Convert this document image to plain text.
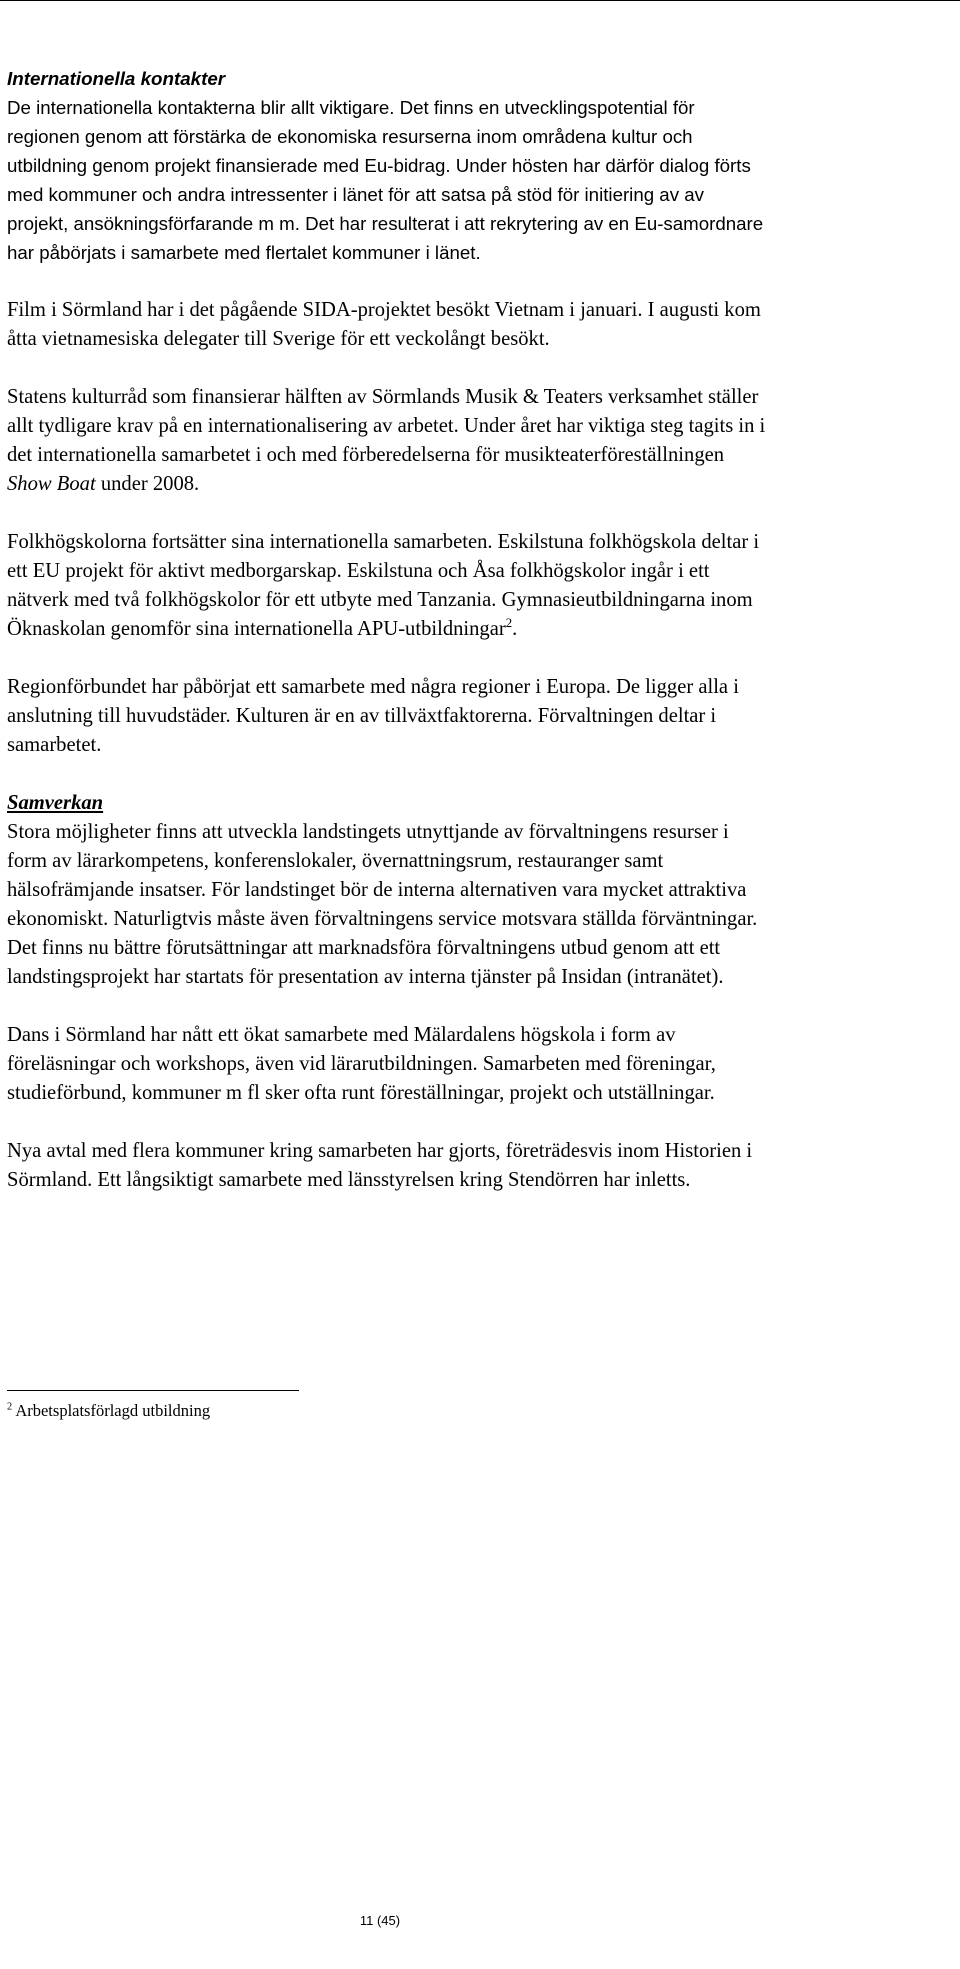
Internationella kontakter

De internationella kontakterna blir allt viktigare. Det finns en utvecklingspotential för regionen genom att förstärka de ekonomiska resurserna inom områdena kultur och utbildning genom projekt finansierade med Eu-bidrag. Under hösten har därför dialog förts med kommuner och andra intressenter i länet för att satsa på stöd för initiering av av projekt, ansökningsförfarande m m. Det har resulterat i att rekrytering av en Eu-samordnare har påbörjats i samarbete med flertalet kommuner i länet.

Film i Sörmland har i det pågående SIDA-projektet besökt Vietnam i januari. I augusti kom åtta vietnamesiska delegater till Sverige för ett veckolångt besökt.

Statens kulturråd som finansierar hälften av Sörmlands Musik & Teaters verksamhet ställer allt tydligare krav på en internationalisering av arbetet. Under året har viktiga steg tagits in i det internationella samarbetet i och med förberedelserna för musikteaterföreställningen Show Boat under 2008.

Folkhögskolorna fortsätter sina internationella samarbeten. Eskilstuna folkhögskola deltar i ett EU projekt för aktivt medborgarskap. Eskilstuna och Åsa folkhögskolor ingår i ett nätverk med två folkhögskolor för ett utbyte med Tanzania. Gymnasieutbildningarna inom Öknaskolan genomför sina internationella APU-utbildningar$^2$.

Regionförbundet har påbörjat ett samarbete med några regioner i Europa. De ligger alla i anslutning till huvudstäder. Kulturen är en av tillväxtfaktorerna. Förvaltningen deltar i samarbetet.

Samverkan

Stora möjligheter finns att utveckla landstingets utnyttjande av förvaltningens resurser i form av lärarkompetens, konferenslokaler, övernattningsrum, restauranger samt hälsofrämjande insatser. För landstinget bör de interna alternativen vara mycket attraktiva ekonomiskt. Naturligtvis måste även förvaltningens service motsvara ställda förväntningar. Det finns nu bättre förutsättningar att marknadsföra förvaltningens utbud genom att ett landstingsprojekt har startats för presentation av interna tjänster på Insidan (intranätet).

Dans i Sörmland har nått ett ökat samarbete med Mälardalens högskola i form av föreläsningar och workshops, även vid lärarutbildningen. Samarbeten med föreningar, studieförbund, kommuner m fl sker ofta runt föreställningar, projekt och utställningar.

Nya avtal med flera kommuner kring samarbeten har gjorts, företrädesvis inom Historien i Sörmland. Ett långsiktigt samarbete med länsstyrelsen kring Stendörren har inletts.

$^2$ Arbetsplatsförlagd utbildning
11 (45)
